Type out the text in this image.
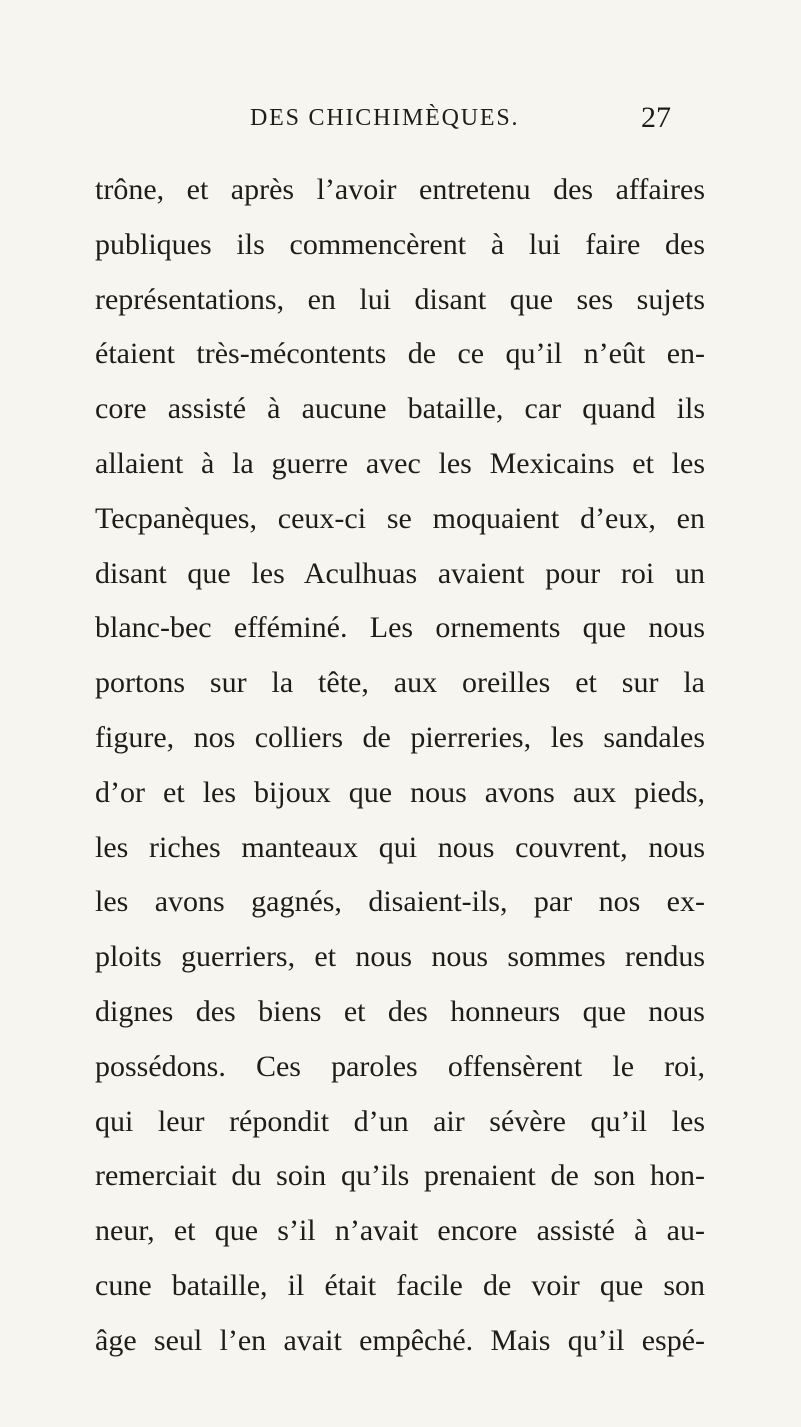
DES CHICHIMÈQUES.	27
trône, et après l’avoir entretenu des affaires
publiques ils commencèrent à lui faire des
représentations, en lui disant que ses sujets
étaient très-mécontents de ce qu’il n’eût en-
core assisté à aucune bataille, car quand ils
allaient à la guerre avec les Mexicains et les
Tecpanèques, ceux-ci se moquaient d’eux, en
disant que les Aculhuas avaient pour roi un
blanc-bec efféminé. Les ornements que nous
portons sur la tête, aux oreilles et sur la
figure, nos colliers de pierreries, les sandales
d’or et les bijoux que nous avons aux pieds,
les riches manteaux qui nous couvrent, nous
les avons gagnés, disaient-ils, par nos ex-
ploits guerriers, et nous nous sommes rendus
dignes des biens et des honneurs que nous
possédons. Ces paroles offensèrent le roi,
qui leur répondit d’un air sévère qu’il les
remerciait du soin qu’ils prenaient de son hon-
neur, et que s’il n’avait encore assisté à au-
cune bataille, il était facile de voir que son
âge seul l’en avait empêché. Mais qu’il espé-
